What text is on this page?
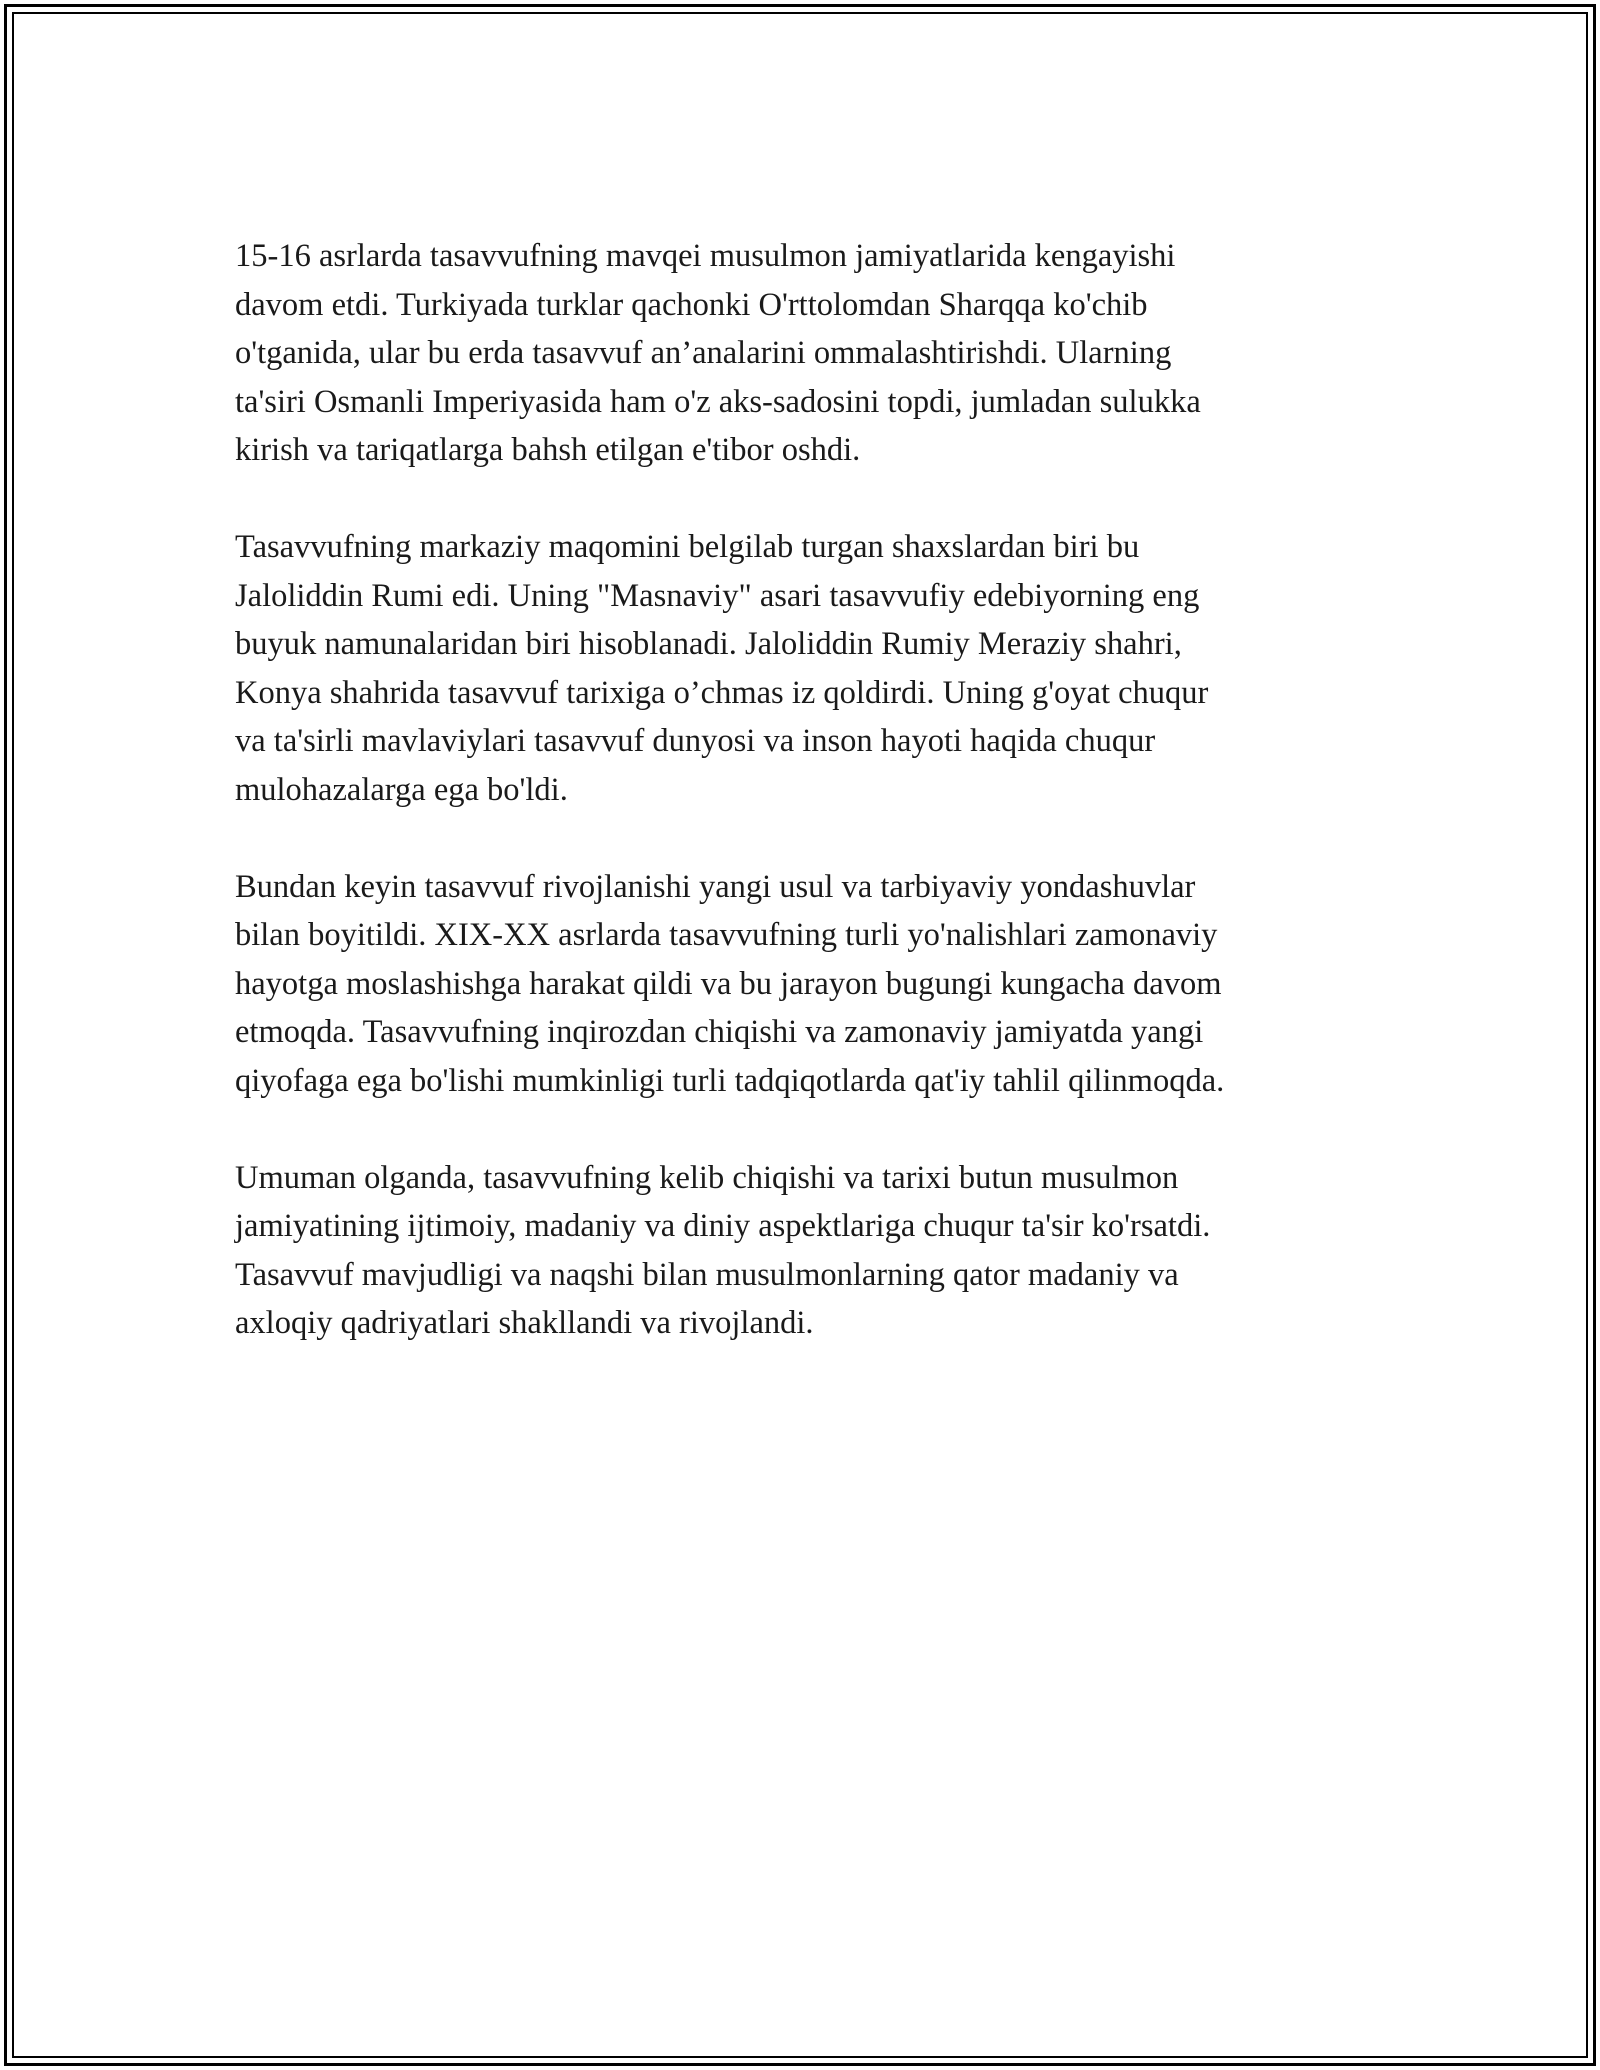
15-16 asrlarda tasavvufning mavqei musulmon jamiyatlarida kengayishi
davom etdi. Turkiyada turklar qachonki O'rttolomdan Sharqqa ko'chib
o'tganida, ular bu erda tasavvuf an’analarini ommalashtirishdi. Ularning
ta'siri Osmanli Imperiyasida ham o'z aks-sadosini topdi, jumladan sulukka
kirish va tariqatlarga bahsh etilgan e'tibor oshdi.

Tasavvufning markaziy maqomini belgilab turgan shaxslardan biri bu
Jaloliddin Rumi edi. Uning "Masnaviy" asari tasavvufiy edebiyorning eng
buyuk namunalaridan biri hisoblanadi. Jaloliddin Rumiy Meraziy shahri,
Konya shahrida tasavvuf tarixiga o’chmas iz qoldirdi. Uning g'oyat chuqur
va ta'sirli mavlaviylari tasavvuf dunyosi va inson hayoti haqida chuqur
mulohazalarga ega bo'ldi.

Bundan keyin tasavvuf rivojlanishi yangi usul va tarbiyaviy yondashuvlar
bilan boyitildi. XIX-XX asrlarda tasavvufning turli yo'nalishlari zamonaviy
hayotga moslashishga harakat qildi va bu jarayon bugungi kungacha davom
etmoqda. Tasavvufning inqirozdan chiqishi va zamonaviy jamiyatda yangi
qiyofaga ega bo'lishi mumkinligi turli tadqiqotlarda qat'iy tahlil qilinmoqda.

Umuman olganda, tasavvufning kelib chiqishi va tarixi butun musulmon
jamiyatining ijtimoiy, madaniy va diniy aspektlariga chuqur ta'sir ko'rsatdi.
Tasavvuf mavjudligi va naqshi bilan musulmonlarning qator madaniy va
axloqiy qadriyatlari shakllandi va rivojlandi.
